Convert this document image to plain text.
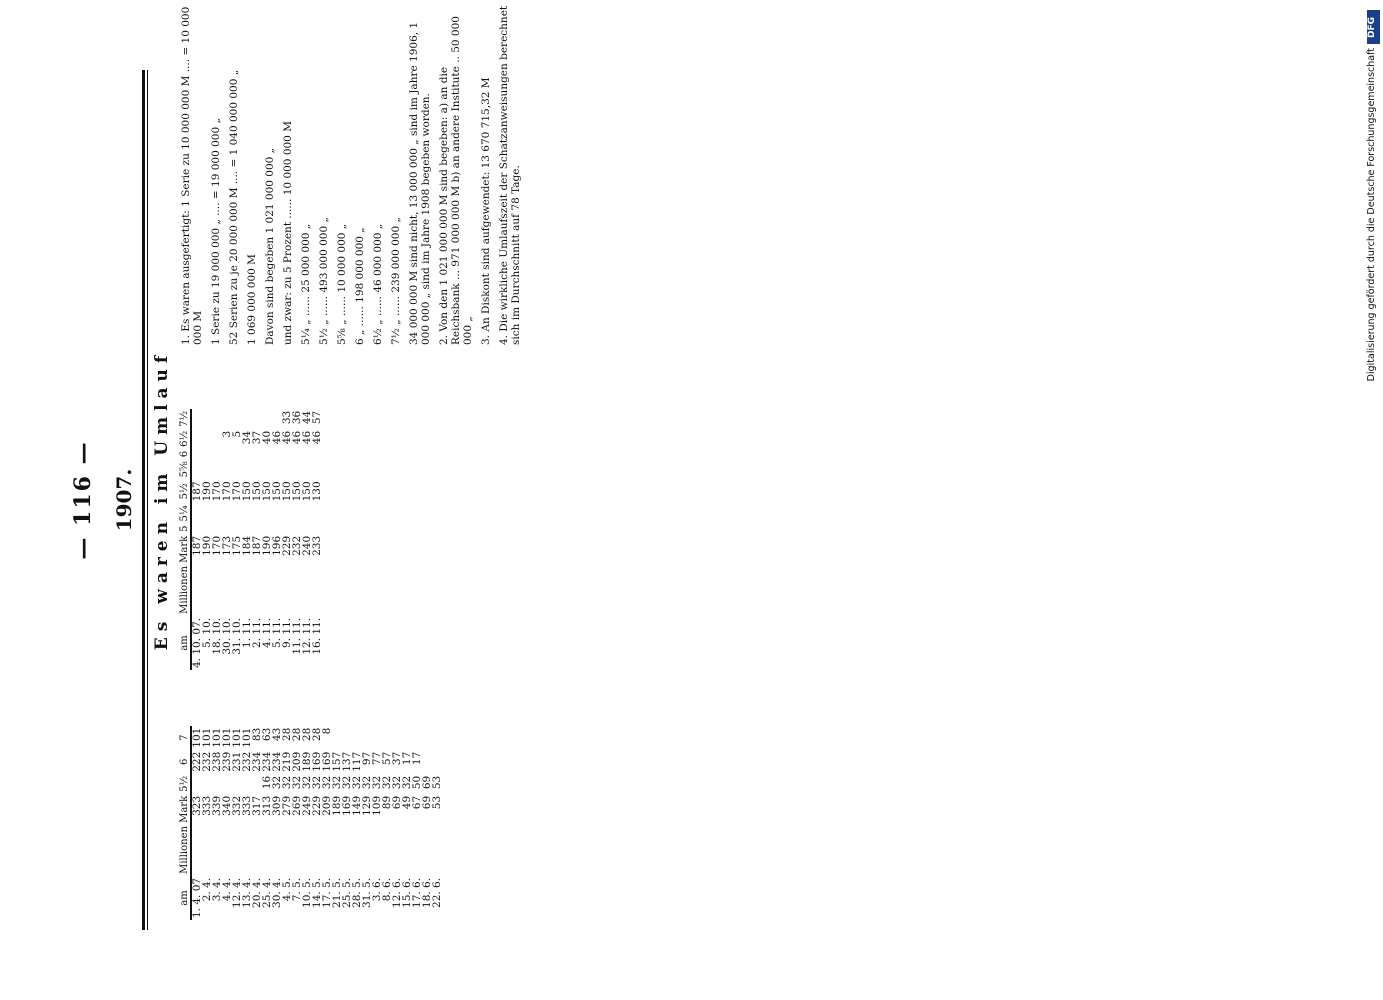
— 116 — 1907. Es waren im Umlauf
am	Millionen Mark	5½	6	7
1. 4. 07	323		222	101
2. 4.	333		232	101
3. 4.	339		238	101
4. 4.	340		239	101
12. 4.	332		231	101
13. 4.	333		232	101
20. 4.	317		234	83
25. 4.	313	16	234	63
30. 4.	309	32	234	43
4. 5.	279	32	219	28
7. 5.	269	32	209	28
10. 5.	249	32	189	28
14. 5.	229	32	169	28
17. 5.	209	32	169	8
21. 5.	189	32	157	
25. 5.	169	32	137	
28. 5.	149	32	117	
31. 5.	129	32	97	
3. 6.	109	32	77	
8. 6.	89	32	57	
12. 6.	69	32	37	
15. 6.	49	32	17	
17. 6.	67	50	17	
18. 6.	69	69		
22. 6.	53	53		
am	Millionen Mark	5	5¼	5½	5⅝	6	6½	7½
4. 10. 07.	187			187				
5. 10.	190			190				
18. 10.	170			170				
30. 10.	173			170			3	
31. 10.	175			170			5	
1. 11.	184			150			34	
2. 11.	187			150			37	
4. 11.	190			150			40	
5. 11.	196			150			46	
9. 11.	229			150			46	33
11. 11.	232			150			46	36
12. 11.	240			150			46	44
16. 11.	233			130			46	57

1. Es waren ausgefertigt: 1 Serie zu 10 000 000 M .... = 10 000 000 M 1 Serie zu 19 000 000 „ .... = 19 000 000 „ 52 Serien zu je 20 000 000 M .... = 1 040 000 000 „ 1 069 000 000 M Davon sind begeben 1 021 000 000 „ und zwar: zu 5 Prozent ...... 10 000 000 M 5¼ „ ...... 25 000 000 „ 5½ „ ...... 493 000 000 „ 5⅝ „ ...... 10 000 000 „ 6 „ ...... 198 000 000 „ 6½ „ ...... 46 000 000 „ 7½ „ ...... 239 000 000 „ 34 000 000 M sind nicht, 13 000 000 „ sind im Jahre 1906, 1 000 000 „ sind im Jahre 1908 begeben worden. 2. Von den 1 021 000 000 M sind begeben: a) an die Reichsbank ... 971 000 000 M b) an andere Institute .. 50 000 000 „ 3. An Diskont sind aufgewendet: 13 670 715,32 M 4. Die wirkliche Umlaufszeit der Schatzanweisungen berechnet sich im Durchschnitt auf 78 Tage.

DFG
Digitalisierung gefördert durch die Deutsche Forschungsgemeinschaft
